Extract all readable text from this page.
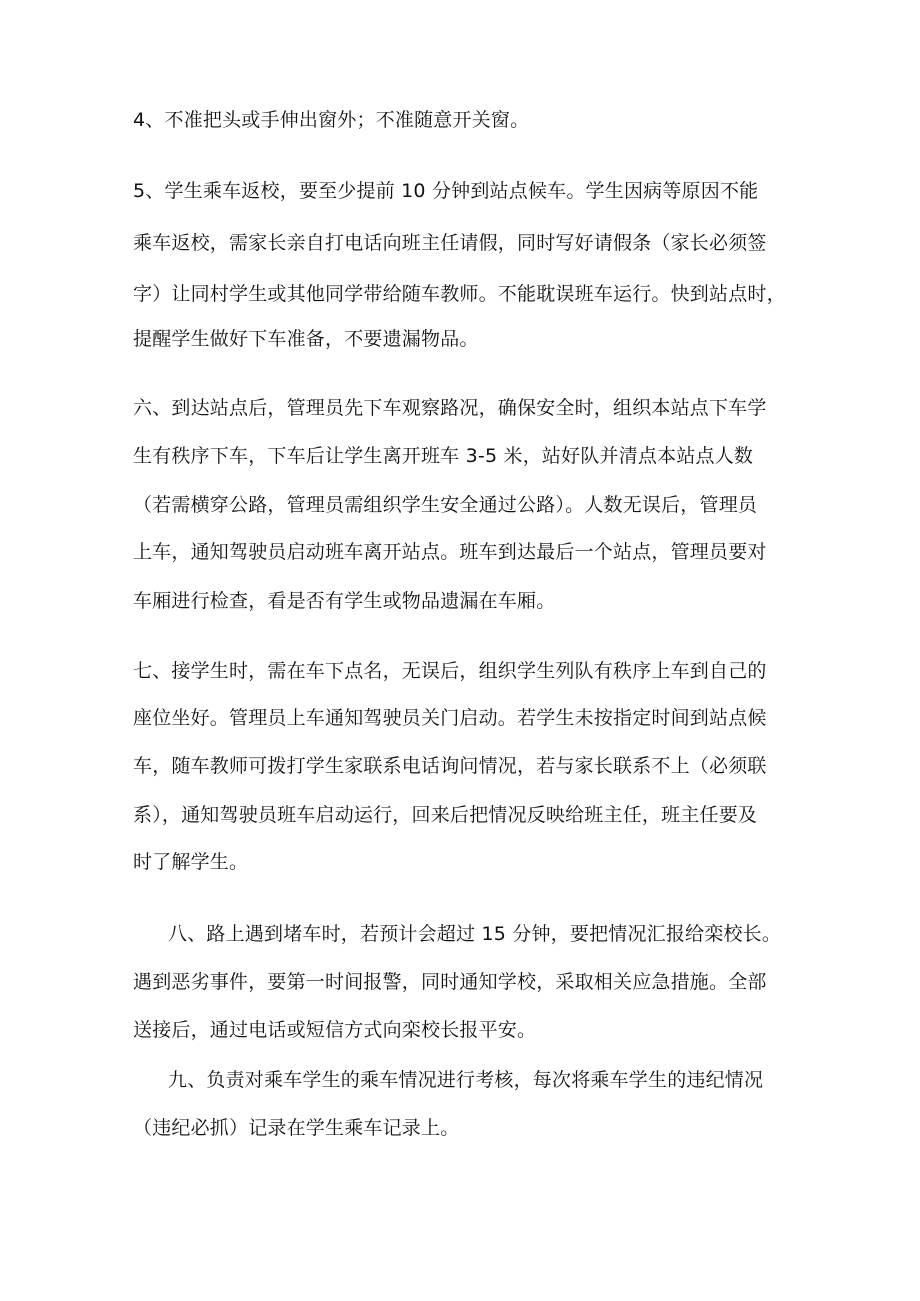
4、不准把头或手伸出窗外；不准随意开关窗。
5、学生乘车返校，要至少提前 10 分钟到站点候车。学生因病等原因不能
乘车返校，需家长亲自打电话向班主任请假，同时写好请假条（家长必须签
字）让同村学生或其他同学带给随车教师。不能耽误班车运行。快到站点时，
提醒学生做好下车准备，不要遗漏物品。
六、到达站点后，管理员先下车观察路况，确保安全时，组织本站点下车学
生有秩序下车，下车后让学生离开班车 3-5 米，站好队并清点本站点人数
（若需横穿公路，管理员需组织学生安全通过公路）。人数无误后，管理员
上车，通知驾驶员启动班车离开站点。班车到达最后一个站点，管理员要对
车厢进行检查，看是否有学生或物品遗漏在车厢。
七、接学生时，需在车下点名，无误后，组织学生列队有秩序上车到自己的
座位坐好。管理员上车通知驾驶员关门启动。若学生未按指定时间到站点候
车，随车教师可拨打学生家联系电话询问情况，若与家长联系不上（必须联
系），通知驾驶员班车启动运行，回来后把情况反映给班主任，班主任要及
时了解学生。
八、路上遇到堵车时，若预计会超过 15 分钟，要把情况汇报给栾校长。
遇到恶劣事件，要第一时间报警，同时通知学校，采取相关应急措施。全部
送接后，通过电话或短信方式向栾校长报平安。
九、负责对乘车学生的乘车情况进行考核，每次将乘车学生的违纪情况
（违纪必抓）记录在学生乘车记录上。
